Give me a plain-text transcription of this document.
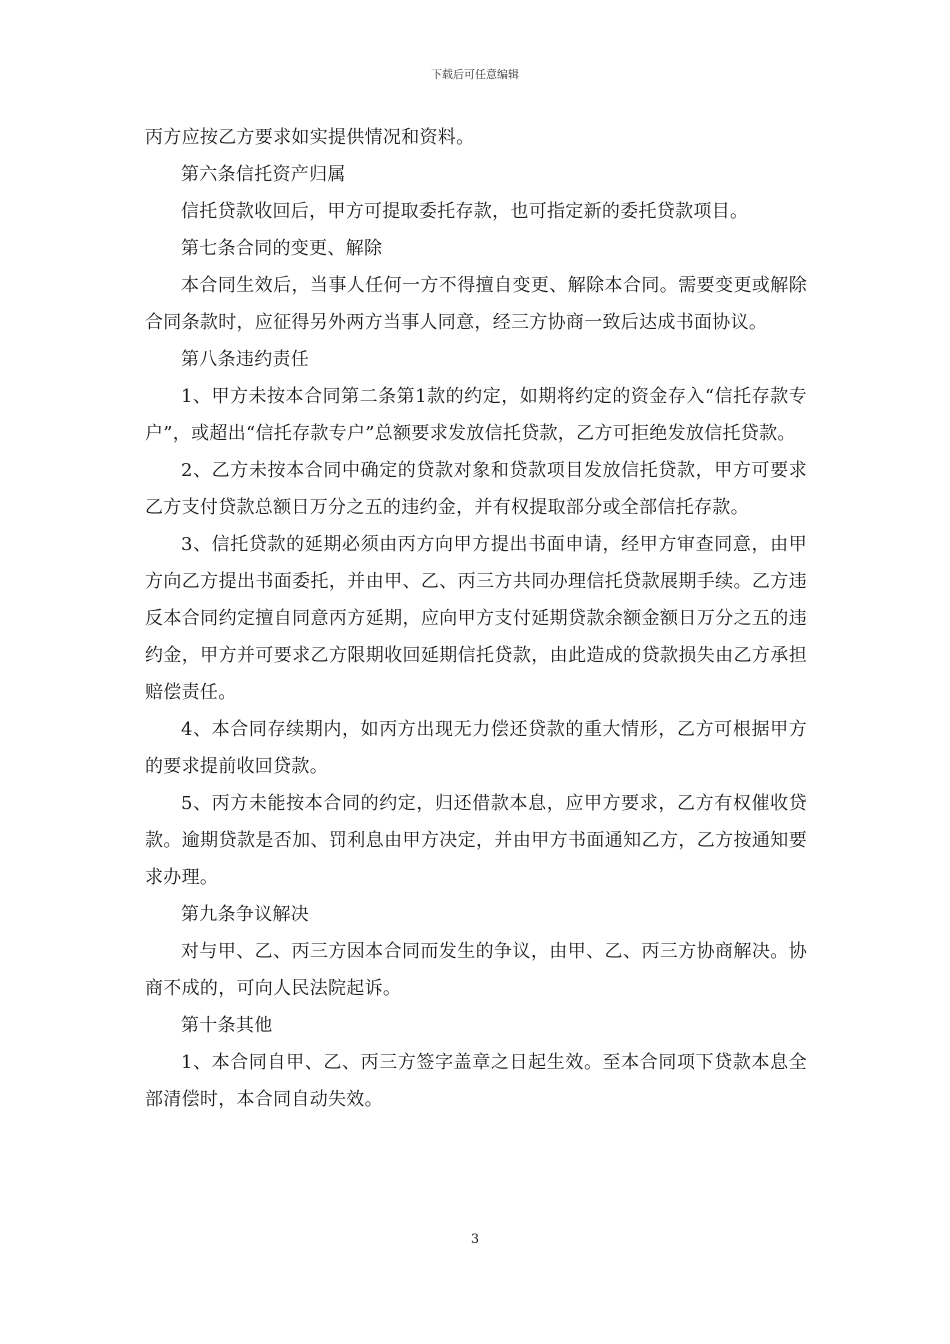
下载后可任意编辑

丙方应按乙方要求如实提供情况和资料。

第六条信托资产归属

信托贷款收回后，甲方可提取委托存款，也可指定新的委托贷款项目。

第七条合同的变更、解除

本合同生效后，当事人任何一方不得擅自变更、解除本合同。需要变更或解除合同条款时，应征得另外两方当事人同意，经三方协商一致后达成书面协议。

第八条违约责任

1、甲方未按本合同第二条第1款的约定，如期将约定的资金存入“信托存款专户”，或超出“信托存款专户”总额要求发放信托贷款，乙方可拒绝发放信托贷款。

2、乙方未按本合同中确定的贷款对象和贷款项目发放信托贷款，甲方可要求乙方支付贷款总额日万分之五的违约金，并有权提取部分或全部信托存款。

3、信托贷款的延期必须由丙方向甲方提出书面申请，经甲方审查同意，由甲方向乙方提出书面委托，并由甲、乙、丙三方共同办理信托贷款展期手续。乙方违反本合同约定擅自同意丙方延期，应向甲方支付延期贷款余额金额日万分之五的违约金，甲方并可要求乙方限期收回延期信托贷款，由此造成的贷款损失由乙方承担赔偿责任。

4、本合同存续期内，如丙方出现无力偿还贷款的重大情形，乙方可根据甲方的要求提前收回贷款。

5、丙方未能按本合同的约定，归还借款本息，应甲方要求，乙方有权催收贷款。逾期贷款是否加、罚利息由甲方决定，并由甲方书面通知乙方，乙方按通知要求办理。

第九条争议解决

对与甲、乙、丙三方因本合同而发生的争议，由甲、乙、丙三方协商解决。协商不成的，可向人民法院起诉。

第十条其他

1、本合同自甲、乙、丙三方签字盖章之日起生效。至本合同项下贷款本息全部清偿时，本合同自动失效。

3
